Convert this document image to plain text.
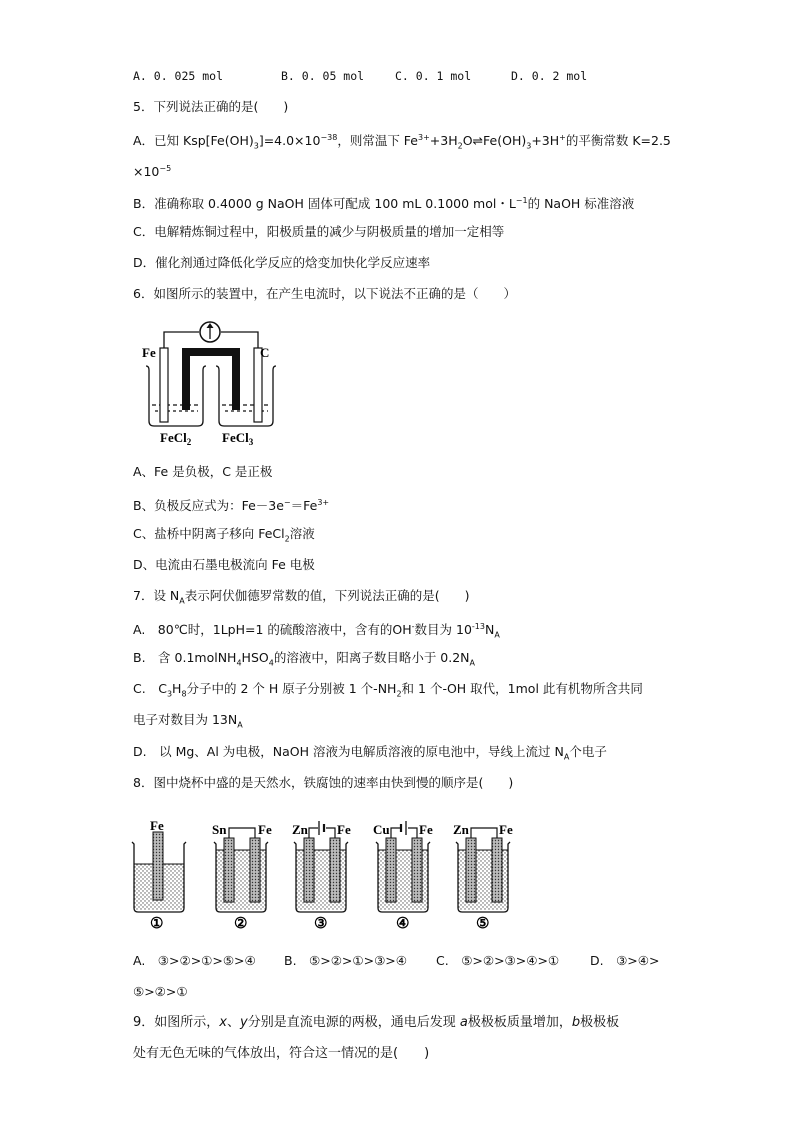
A. 0. 025 mol	B. 0. 05 mol	C. 0. 1 mol	D. 0. 2 mol
5．下列说法正确的是(　　)
A．已知 $Ksp[Fe(OH)_3]=4.0\times 10^{-38}$，则常温下 $Fe^{3+}+3H_2O\rightleftharpoons Fe(OH)_3+3H^+$的平衡常数 K=2.5
$\times 10^{-5}$
B．准确称取 0.4000 g NaOH 固体可配成 100 mL 0.1000 mol・$L^{-1}$的 NaOH 标准溶液
C．电解精炼铜过程中，阳极质量的减少与阴极质量的增加一定相等
D．催化剂通过降低化学反应的焓变加快化学反应速率
6．如图所示的装置中，在产生电流时，以下说法不正确的是（　　）
Fe	C
FeCl$_2$ FeCl$_3$
A、Fe 是负极，C 是正极
B、负极反应式为：$Fe-3e^-=Fe^{3+}$
C、盐桥中阴离子移向 FeCl$_2$溶液
D、电流由石墨电极流向 Fe 电极
7．设 $N_A$表示阿伏伽德罗常数的值，下列说法正确的是(　　)
A.　80℃时，1LpH=1 的硫酸溶液中，含有的OH-数目为 $10^{-13}N_A$
B.　含 $0.1molNH_4HSO_4$的溶液中，阳离子数目略小于 $0.2N_A$
C.　$C_3H_8$分子中的 2 个 H 原子分别被 1 个$-NH_2$和 1 个-OH 取代，1mol 此有机物所含共同
电子对数目为 $13N_A$
D.　以 Mg、Al 为电极，NaOH 溶液为电解质溶液的原电池中，导线上流过 $N_A$个电子
8．图中烧杯中盛的是天然水，铁腐蚀的速率由快到慢的顺序是(　　)
Fe
①
Sn Fe
②
Zn Fe
③
Cu Fe
④
Zn Fe
⑤
A.　③>②>①>⑤>④ B.　⑤>②>①>③>④ C.　⑤>②>③>④>① D.　③>④>
⑤>②>①
9．如图所示，x、y分别是直流电源的两极，通电后发现 a极极板质量增加，b极极板
处有无色无味的气体放出，符合这一情况的是(　　)
